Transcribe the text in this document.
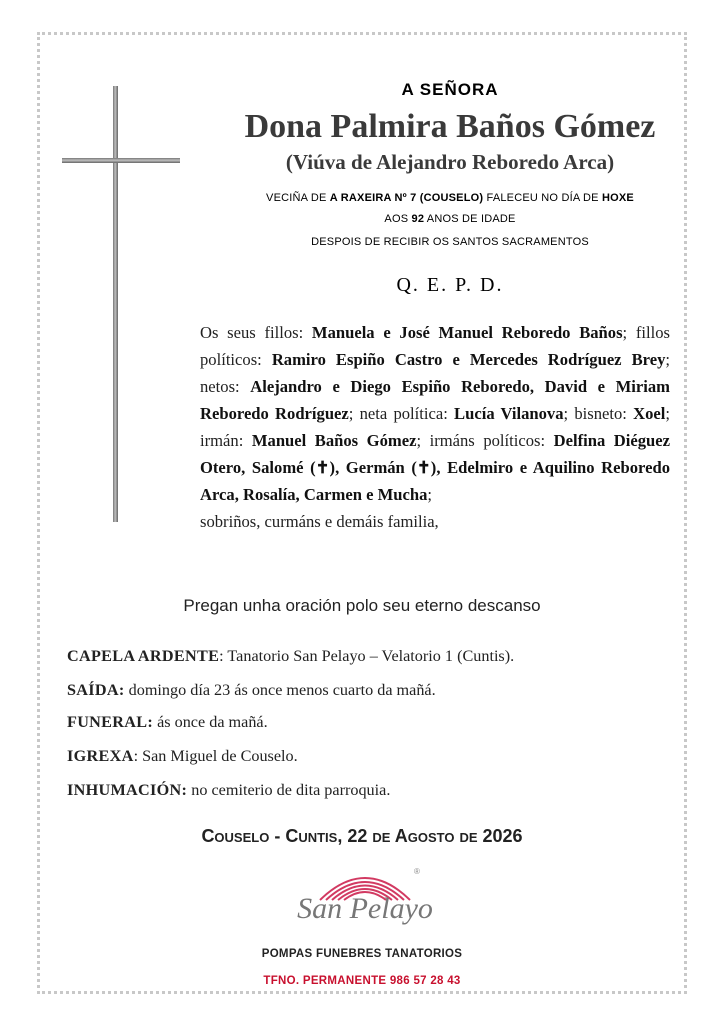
A SEÑORA
Dona Palmira Baños Gómez
(Viúva de Alejandro Reboredo Arca)
VECIÑA DE A RAXEIRA Nº 7 (COUSELO) FALECEU NO DÍA DE HOXE
AOS 92 ANOS DE IDADE
DESPOIS DE RECIBIR OS SANTOS SACRAMENTOS
Q. E. P. D.
Os seus fillos: Manuela e José Manuel Reboredo Baños; fillos políticos: Ramiro Espiño Castro e Mercedes Rodríguez Brey; netos: Alejandro e Diego Espiño Reboredo, David e Miriam Reboredo Rodríguez; neta política: Lucía Vilanova; bisneto: Xoel; irmán: Manuel Baños Gómez; irmáns políticos: Delfina Diéguez Otero, Salomé (✝), Germán (✝), Edelmiro e Aquilino Reboredo Arca, Rosalía, Carmen e Mucha;
sobriños, curmáns e demáis familia,
Pregan unha oración polo seu eterno descanso
CAPELA ARDENTE: Tanatorio San Pelayo – Velatorio 1 (Cuntis).
SAÍDA: domingo día 23 ás once menos cuarto da mañá.
FUNERAL: ás once da mañá.
IGREXA: San Miguel de Couselo.
INHUMACIÓN: no cemiterio de dita parroquia.
Couselo - Cuntis, 22 de Agosto de 2026
®
San Pelayo
POMPAS FUNEBRES TANATORIOS
TFNO. PERMANENTE 986 57 28 43
